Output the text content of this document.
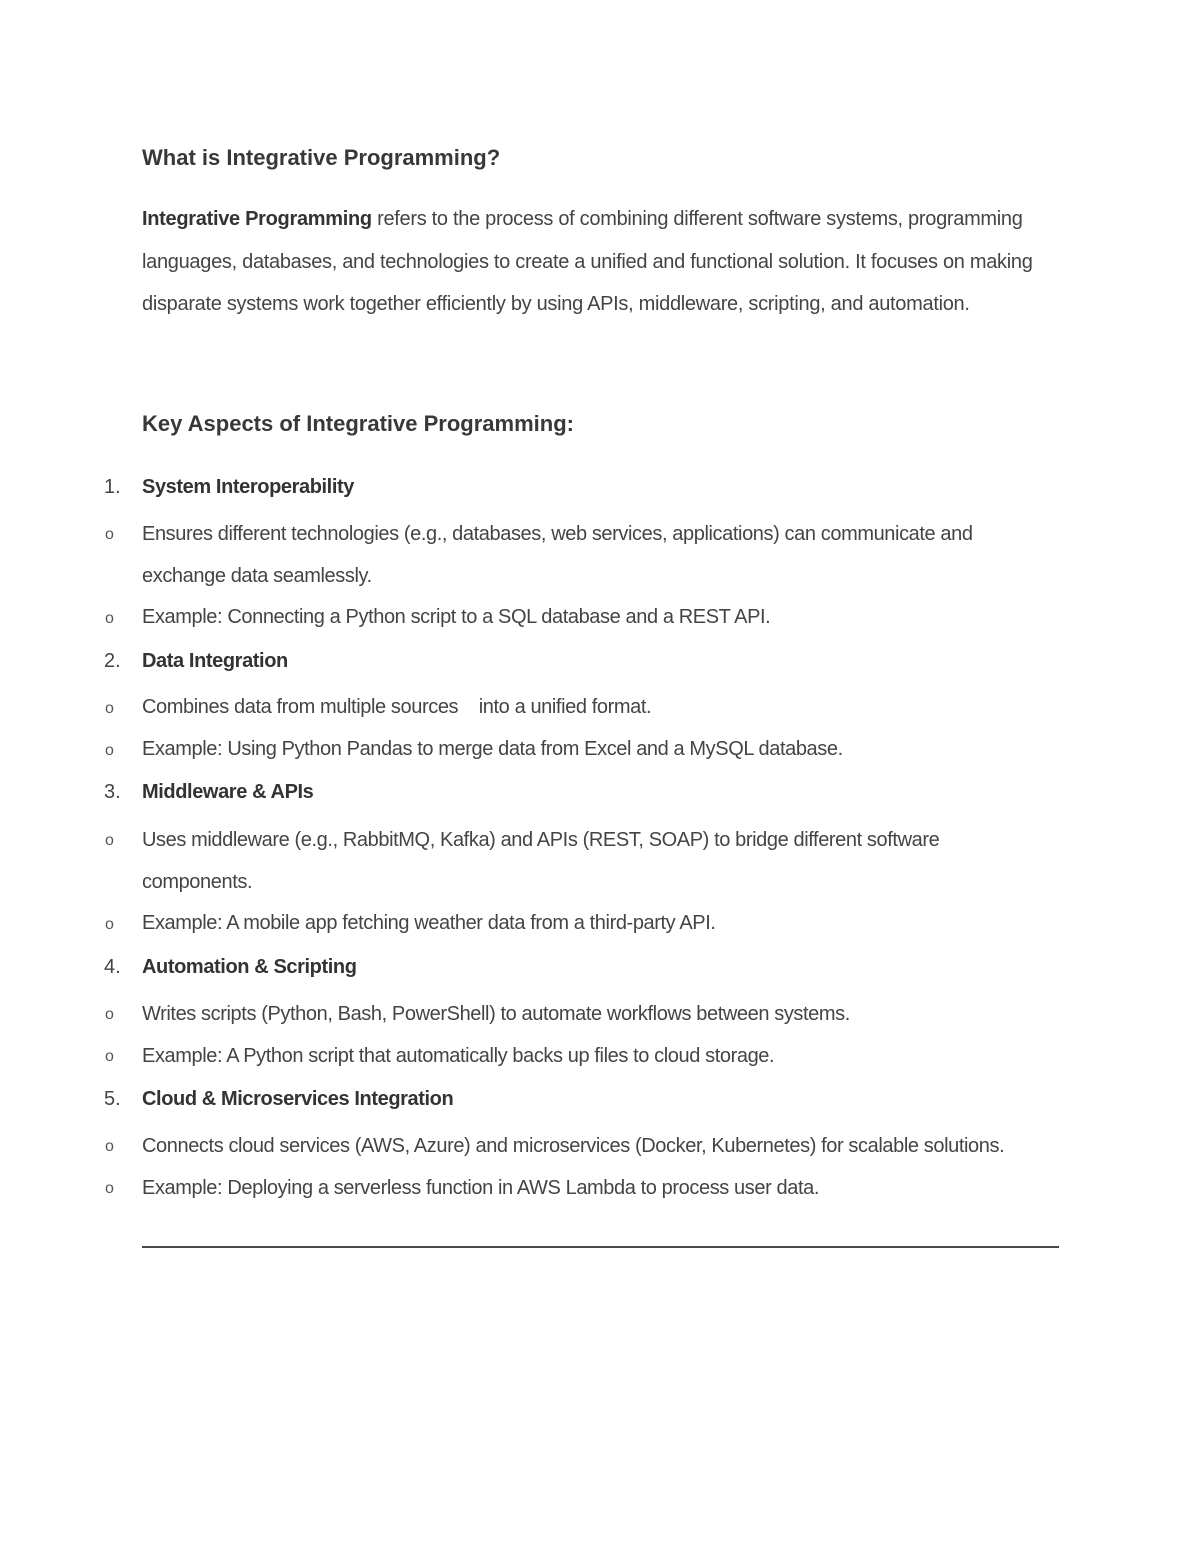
What is Integrative Programming?
Integrative Programming refers to the process of combining different software systems, programming
languages, databases, and technologies to create a unified and functional solution. It focuses on making
disparate systems work together efficiently by using APIs, middleware, scripting, and automation.
Key Aspects of Integrative Programming:
1. System Interoperability
o Ensures different technologies (e.g., databases, web services, applications) can communicate and
exchange data seamlessly.
o Example: Connecting a Python script to a SQL database and a REST API.
2. Data Integration
o Combines data from multiple sources    into a unified format.
o Example: Using Python Pandas to merge data from Excel and a MySQL database.
3. Middleware & APIs
o Uses middleware (e.g., RabbitMQ, Kafka) and APIs (REST, SOAP) to bridge different software
components.
o Example: A mobile app fetching weather data from a third-party API.
4. Automation & Scripting
o Writes scripts (Python, Bash, PowerShell) to automate workflows between systems.
o Example: A Python script that automatically backs up files to cloud storage.
5. Cloud & Microservices Integration
o Connects cloud services (AWS, Azure) and microservices (Docker, Kubernetes) for scalable solutions.
o Example: Deploying a serverless function in AWS Lambda to process user data.
